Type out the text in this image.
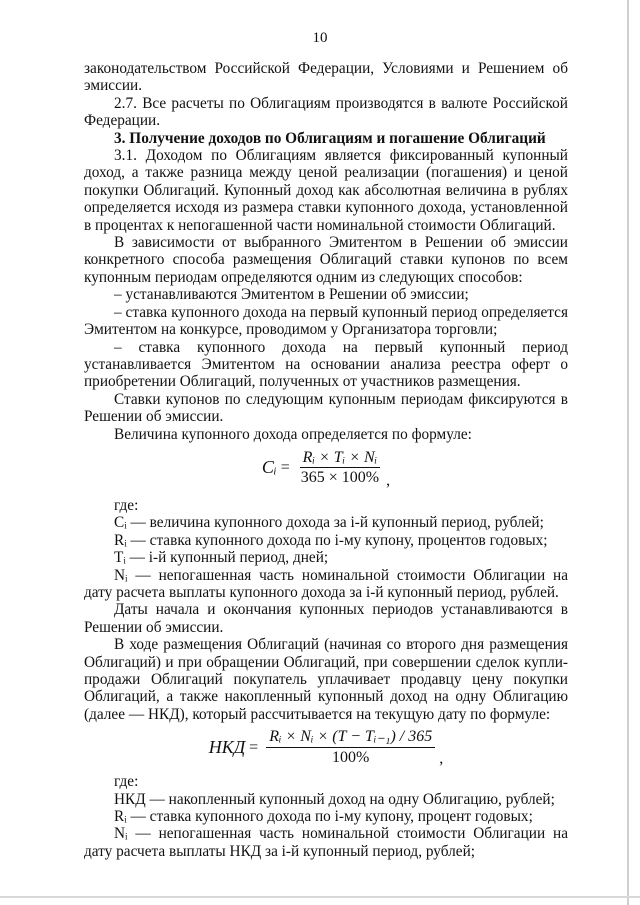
10

законодательством Российской Федерации, Условиями и Решением об эмиссии.

2.7. Все расчеты по Облигациям производятся в валюте Российской Федерации.

3. Получение доходов по Облигациям и погашение Облигаций

3.1. Доходом по Облигациям является фиксированный купонный доход, а также разница между ценой реализации (погашения) и ценой покупки Облигаций. Купонный доход как абсолютная величина в рублях определяется исходя из размера ставки купонного дохода, установленной в процентах к непогашенной части номинальной стоимости Облигаций.

В зависимости от выбранного Эмитентом в Решении об эмиссии конкретного способа размещения Облигаций ставки купонов по всем купонным периодам определяются одним из следующих способов:

– устанавливаются Эмитентом в Решении об эмиссии;

– ставка купонного дохода на первый купонный период определяется Эмитентом на конкурсе, проводимом у Организатора торговли;

– ставка купонного дохода на первый купонный период устанавливается Эмитентом на основании анализа реестра оферт о приобретении Облигаций, полученных от участников размещения.

Ставки купонов по следующим купонным периодам фиксируются в Решении об эмиссии.

Величина купонного дохода определяется по формуле:

Cᵢ = $\frac{\text{Rᵢ × Tᵢ × Nᵢ}}{365 \times 100\%}$ ,

где:

Cᵢ — величина купонного дохода за i-й купонный период, рублей;

Rᵢ — ставка купонного дохода по i-му купону, процентов годовых;

Tᵢ — i-й купонный период, дней;

Nᵢ — непогашенная часть номинальной стоимости Облигации на дату расчета выплаты купонного дохода за i-й купонный период, рублей.

Даты начала и окончания купонных периодов устанавливаются в Решении об эмиссии.

В ходе размещения Облигаций (начиная со второго дня размещения Облигаций) и при обращении Облигаций, при совершении сделок купли-продажи Облигаций покупатель уплачивает продавцу цену покупки Облигаций, а также накопленный купонный доход на одну Облигацию (далее — НКД), который рассчитывается на текущую дату по формуле:

НКД = $\frac{\text{Rᵢ × Nᵢ × (T − Tᵢ₋₁) / 365}}{100\%}$ ,

где:

НКД — накопленный купонный доход на одну Облигацию, рублей;

Rᵢ — ставка купонного дохода по i-му купону, процент годовых;

Nᵢ — непогашенная часть номинальной стоимости Облигации на дату расчета выплаты НКД за i-й купонный период, рублей;
